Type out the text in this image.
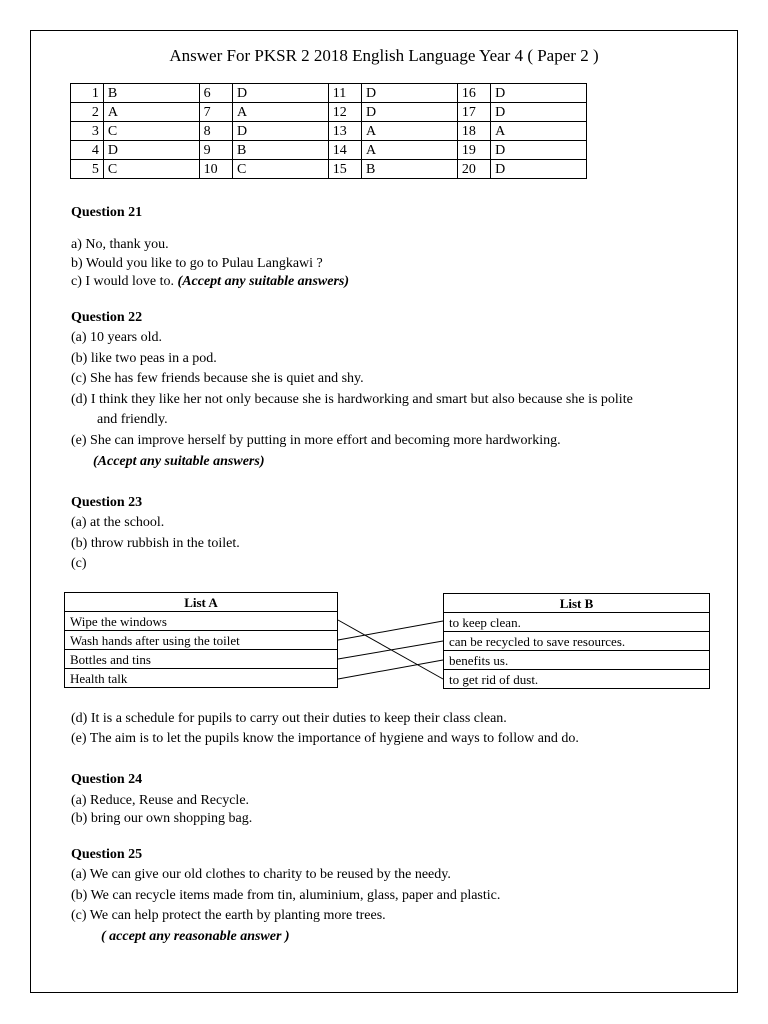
Answer For PKSR 2 2018 English Language Year 4 ( Paper 2 )
1	B	6	D	11	D	16	D
2	A	7	A	12	D	17	D
3	C	8	D	13	A	18	A
4	D	9	B	14	A	19	D
5	C	10	C	15	B	20	D
Question 21
a) No, thank you.
b) Would you like to go to Pulau Langkawi ?
c) I would love to. (Accept any suitable answers)
Question 22
(a) 10 years old.
(b) like two peas in a pod.
(c) She has few friends because she is quiet and shy.
(d) I think they like her not only because she is hardworking and smart but also because she is polite
and friendly.
(e) She can improve herself by putting in more effort and becoming more hardworking.
(Accept any suitable answers)
Question 23
(a) at the school.
(b) throw rubbish in the toilet.
(c)
List A
Wipe the windows
Wash hands after using the toilet
Bottles and tins
Health talk
List B
to keep clean.
can be recycled to save resources.
benefits us.
to get rid of dust.
(d) It is a schedule for pupils to carry out their duties to keep their class clean.
(e) The aim is to let the pupils know the importance of hygiene and ways to follow and do.
Question 24
(a) Reduce, Reuse and Recycle.
(b) bring our own shopping bag.
Question 25
(a) We can give our old clothes to charity to be reused by the needy.
(b) We can recycle items made from tin, aluminium, glass, paper and plastic.
(c) We can help protect the earth by planting more trees.
( accept any reasonable answer )
